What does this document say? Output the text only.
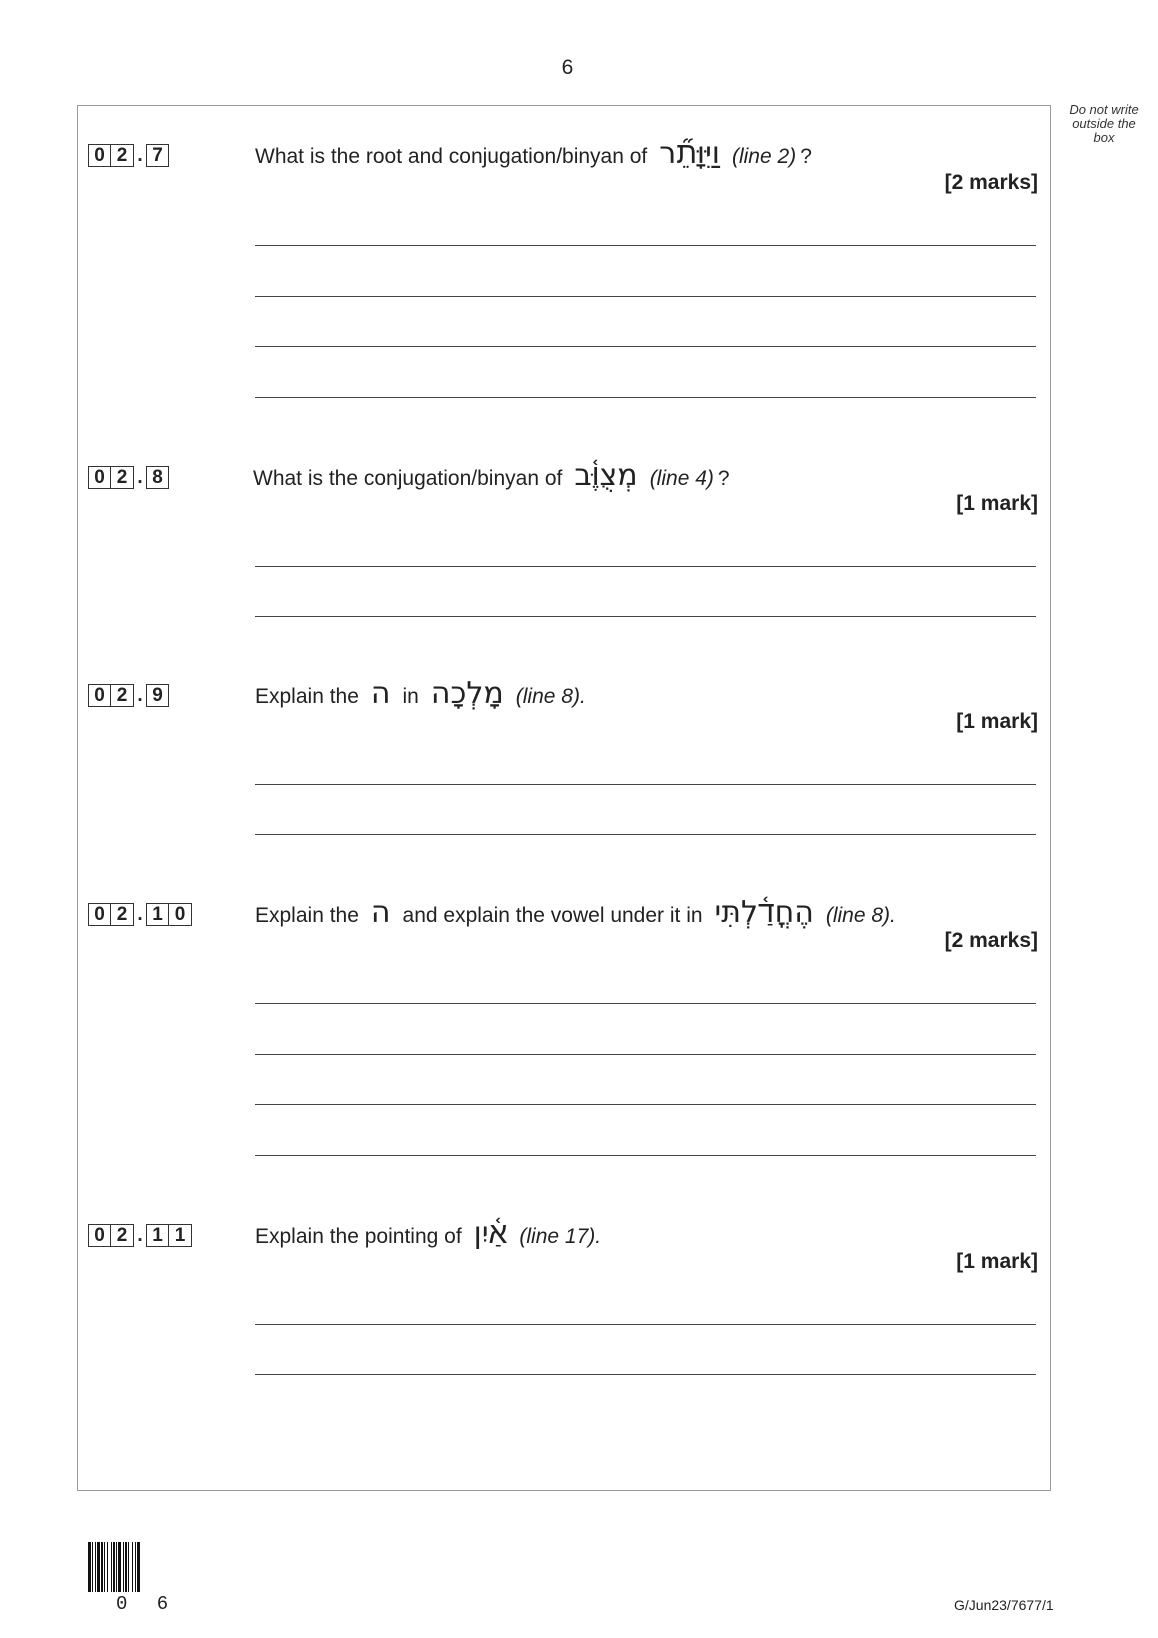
6
Do not write outside the box
0 2 . 7	What is the root and conjugation/binyan of וַיִּוָּתֵ֞ר (line 2) ?
[2 marks]
0 2 . 8	What is the conjugation/binyan of מְצֻוֶּ֫ב (line 4) ?
[1 mark]
0 2 . 9	Explain the ה in מָלְכָה (line 8).
[1 mark]
0 2 . 1 0	Explain the ה and explain the vowel under it in הֶחֳדַ֫לְתִּי (line 8).
[2 marks]
0 2 . 1 1	Explain the pointing of אַ֫יִן (line 17).
[1 mark]
0 6	G/Jun23/7677/1
